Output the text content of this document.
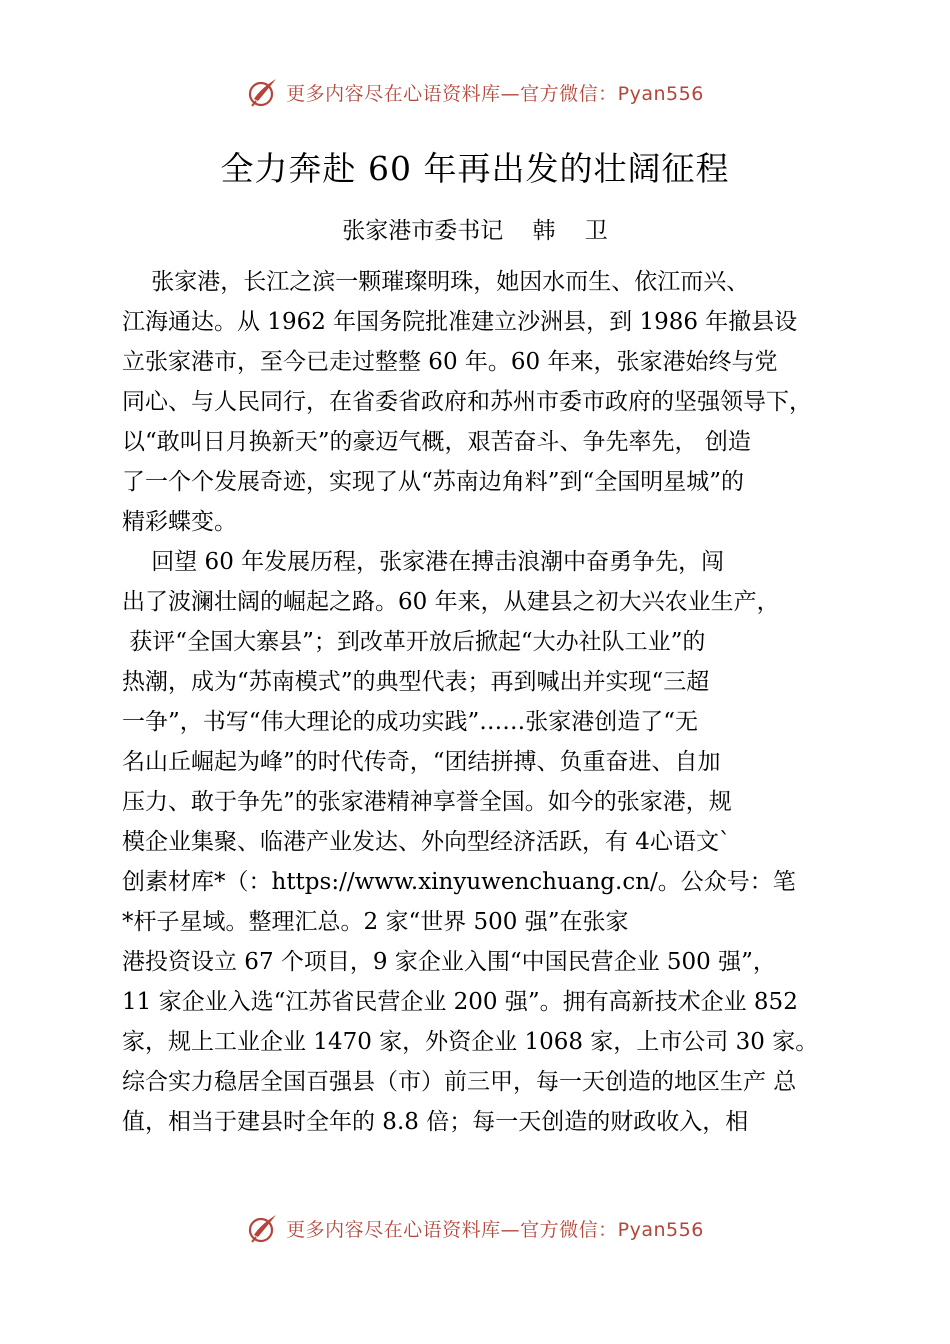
更多内容尽在心语资料库—官方微信：Pyan556
全力奔赴 60 年再出发的壮阔征程

张家港市委书记    韩    卫

张家港，长江之滨一颗璀璨明珠，她因水而生、依江而兴、
江海通达。从 1962 年国务院批准建立沙洲县，到 1986 年撤县设
立张家港市，至今已走过整整 60 年。60 年来，张家港始终与党
同心、与人民同行，在省委省政府和苏州市委市政府的坚强领导下，
以“敢叫日月换新天”的豪迈气概，艰苦奋斗、争先率先， 创造
了一个个发展奇迹，实现了从“苏南边角料”到“全国明星城”的
精彩蝶变。
回望 60 年发展历程，张家港在搏击浪潮中奋勇争先，闯
出了波澜壮阔的崛起之路。60 年来，从建县之初大兴农业生产，
获评“全国大寨县”；到改革开放后掀起“大办社队工业”的
热潮，成为“苏南模式”的典型代表；再到喊出并实现“三超
一争”，书写“伟大理论的成功实践”……张家港创造了“无
名山丘崛起为峰”的时代传奇，“团结拼搏、负重奋进、自加
压力、敢于争先”的张家港精神享誉全国。如今的张家港，规
模企业集聚、临港产业发达、外向型经济活跃，有 4心语文`
创素材库*（：https://www.xinyuwenchuang.cn/。公众号：笔
*杆子星域。整理汇总。2 家“世界 500 强”在张家
港投资设立 67 个项目，9 家企业入围“中国民营企业 500 强”，
11 家企业入选“江苏省民营企业 200 强”。拥有高新技术企业 852
家，规上工业企业 1470 家，外资企业 1068 家，上市公司 30 家。
综合实力稳居全国百强县（市）前三甲，每一天创造的地区生产 总
值，相当于建县时全年的 8.8 倍；每一天创造的财政收入，相
更多内容尽在心语资料库—官方微信：Pyan556
